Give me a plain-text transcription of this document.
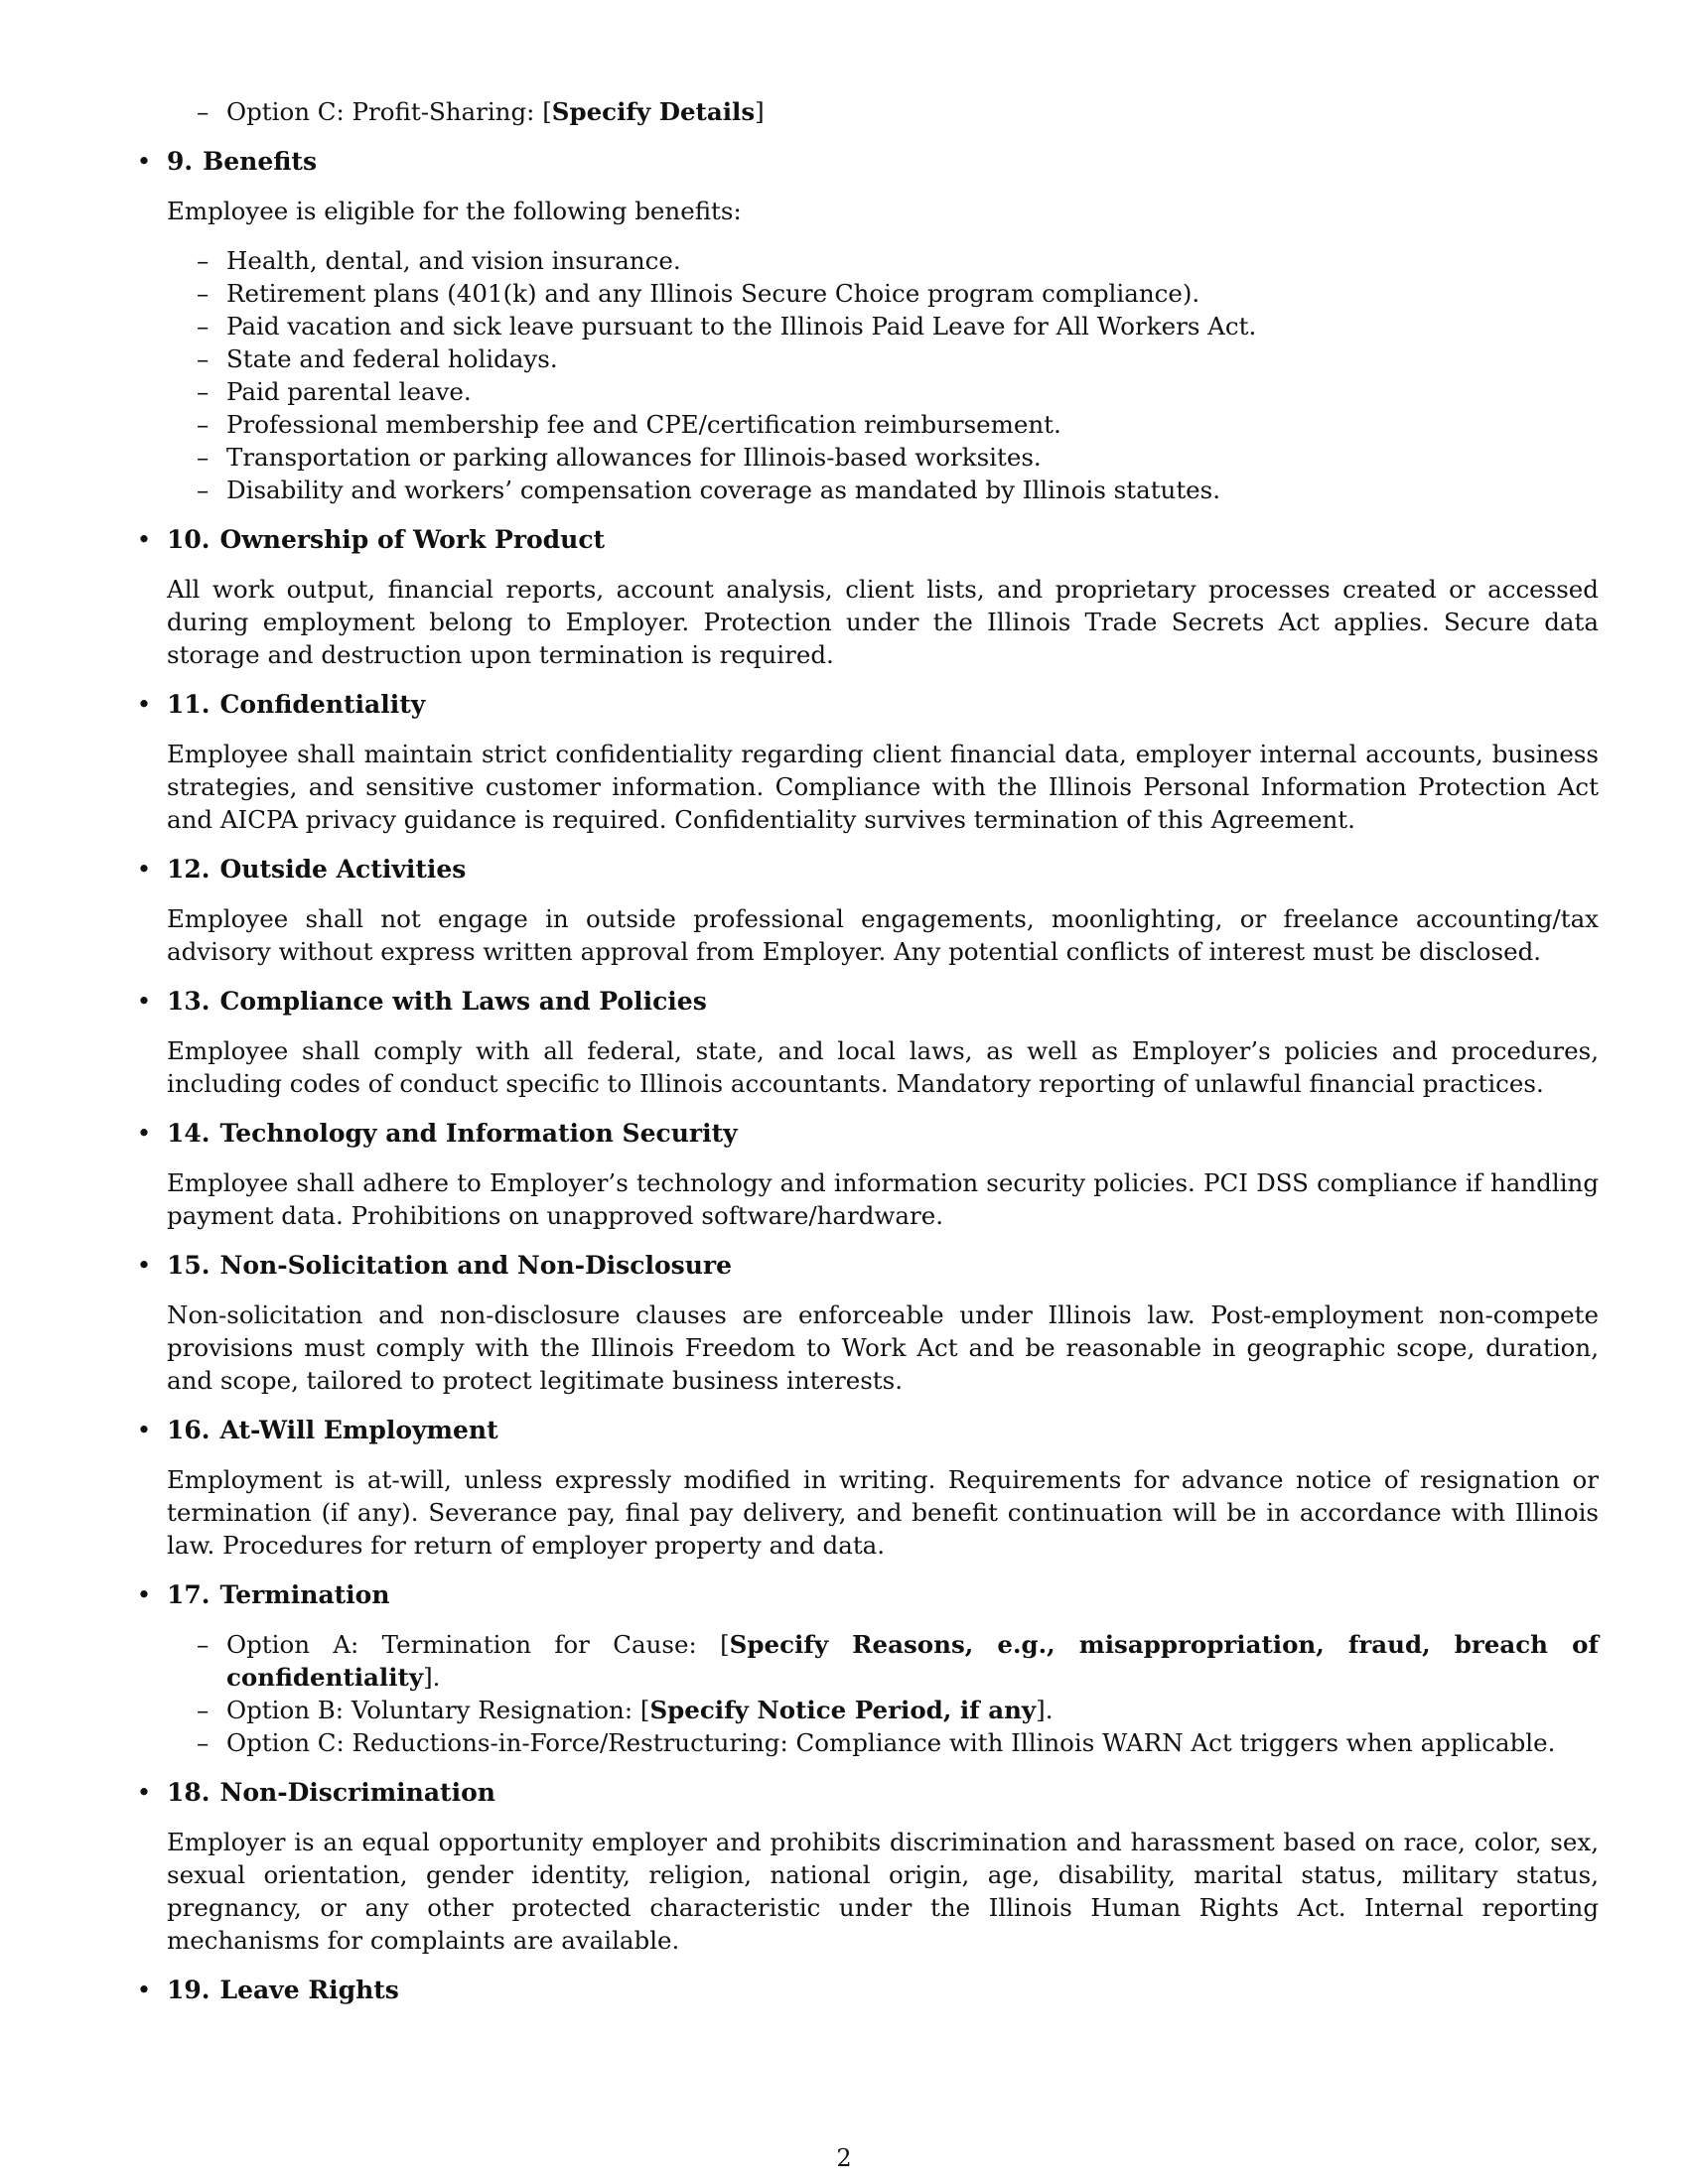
– Option C: Profit-Sharing: [Specify Details]
• 9. Benefits
Employee is eligible for the following benefits:
– Health, dental, and vision insurance.
– Retirement plans (401(k) and any Illinois Secure Choice program compliance).
– Paid vacation and sick leave pursuant to the Illinois Paid Leave for All Workers Act.
– State and federal holidays.
– Paid parental leave.
– Professional membership fee and CPE/certification reimbursement.
– Transportation or parking allowances for Illinois-based worksites.
– Disability and workers’ compensation coverage as mandated by Illinois statutes.
• 10. Ownership of Work Product
All work output, financial reports, account analysis, client lists, and proprietary processes created or accessed during employment belong to Employer. Protection under the Illinois Trade Secrets Act applies. Secure data storage and destruction upon termination is required.
• 11. Confidentiality
Employee shall maintain strict confidentiality regarding client financial data, employer internal accounts, business strategies, and sensitive customer information. Compliance with the Illinois Personal Information Protection Act and AICPA privacy guidance is required. Confidentiality survives termination of this Agreement.
• 12. Outside Activities
Employee shall not engage in outside professional engagements, moonlighting, or freelance accounting/tax advisory without express written approval from Employer. Any potential conflicts of interest must be disclosed.
• 13. Compliance with Laws and Policies
Employee shall comply with all federal, state, and local laws, as well as Employer’s policies and procedures, including codes of conduct specific to Illinois accountants. Mandatory reporting of unlawful financial practices.
• 14. Technology and Information Security
Employee shall adhere to Employer’s technology and information security policies. PCI DSS compliance if handling payment data. Prohibitions on unapproved software/hardware.
• 15. Non-Solicitation and Non-Disclosure
Non-solicitation and non-disclosure clauses are enforceable under Illinois law. Post-employment non-compete provisions must comply with the Illinois Freedom to Work Act and be reasonable in geographic scope, duration, and scope, tailored to protect legitimate business interests.
• 16. At-Will Employment
Employment is at-will, unless expressly modified in writing. Requirements for advance notice of resignation or termination (if any). Severance pay, final pay delivery, and benefit continuation will be in accordance with Illinois law. Procedures for return of employer property and data.
• 17. Termination
– Option A: Termination for Cause: [Specify Reasons, e.g., misappropriation, fraud, breach of confidentiality].
– Option B: Voluntary Resignation: [Specify Notice Period, if any].
– Option C: Reductions-in-Force/Restructuring: Compliance with Illinois WARN Act triggers when applicable.
• 18. Non-Discrimination
Employer is an equal opportunity employer and prohibits discrimination and harassment based on race, color, sex, sexual orientation, gender identity, religion, national origin, age, disability, marital status, military status, pregnancy, or any other protected characteristic under the Illinois Human Rights Act. Internal reporting mechanisms for complaints are available.
• 19. Leave Rights
2
